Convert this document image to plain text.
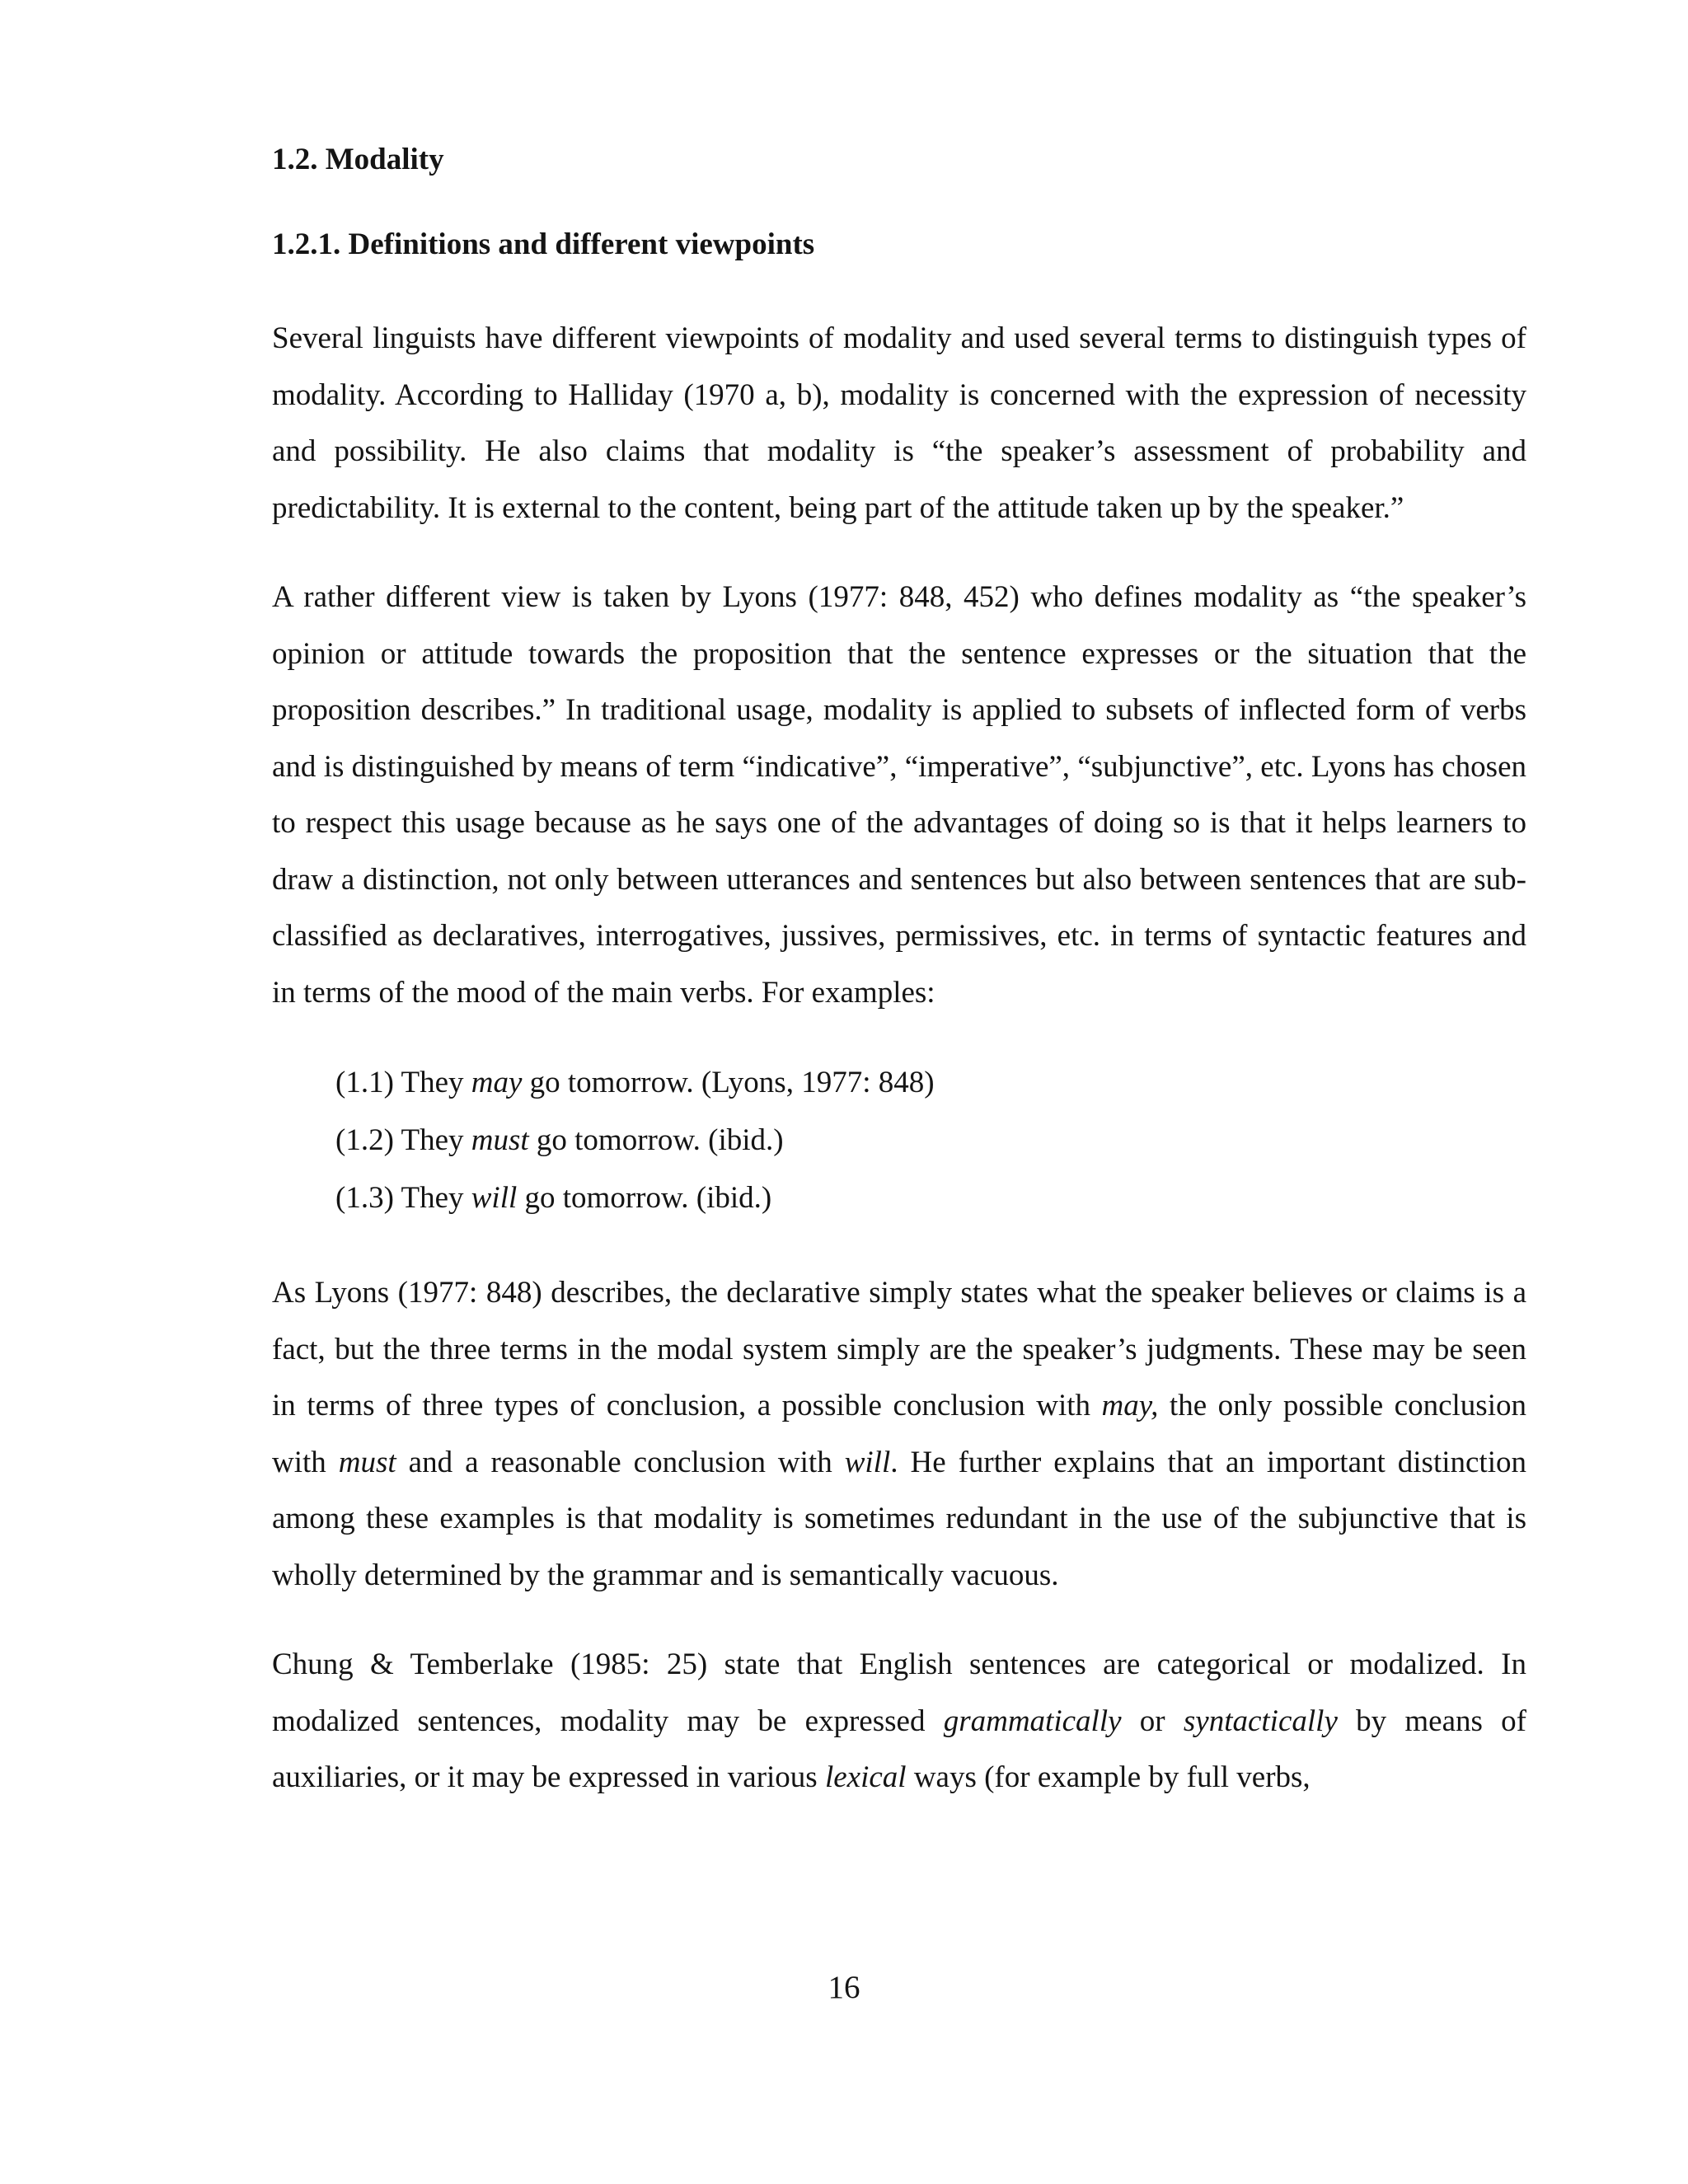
1.2. Modality
1.2.1. Definitions and different viewpoints

Several linguists have different viewpoints of modality and used several terms to distinguish types of modality. According to Halliday (1970 a, b), modality is concerned with the expression of necessity and possibility. He also claims that modality is “the speaker’s assessment of probability and predictability. It is external to the content, being part of the attitude taken up by the speaker.”

A rather different view is taken by Lyons (1977: 848, 452) who defines modality as “the speaker’s opinion or attitude towards the proposition that the sentence expresses or the situation that the proposition describes.” In traditional usage, modality is applied to subsets of inflected form of verbs and is distinguished by means of term “indicative”, “imperative”, “subjunctive”, etc. Lyons has chosen to respect this usage because as he says one of the advantages of doing so is that it helps learners to draw a distinction, not only between utterances and sentences but also between sentences that are sub-classified as declaratives, interrogatives, jussives, permissives, etc. in terms of syntactic features and in terms of the mood of the main verbs. For examples:

(1.1) They may go tomorrow. (Lyons, 1977: 848)
(1.2) They must go tomorrow. (ibid.)
(1.3) They will go tomorrow. (ibid.)

As Lyons (1977: 848) describes, the declarative simply states what the speaker believes or claims is a fact, but the three terms in the modal system simply are the speaker’s judgments. These may be seen in terms of three types of conclusion, a possible conclusion with may, the only possible conclusion with must and a reasonable conclusion with will. He further explains that an important distinction among these examples is that modality is sometimes redundant in the use of the subjunctive that is wholly determined by the grammar and is semantically vacuous.

Chung & Temberlake (1985: 25) state that English sentences are categorical or modalized. In modalized sentences, modality may be expressed grammatically or syntactically by means of auxiliaries, or it may be expressed in various lexical ways (for example by full verbs,

16
